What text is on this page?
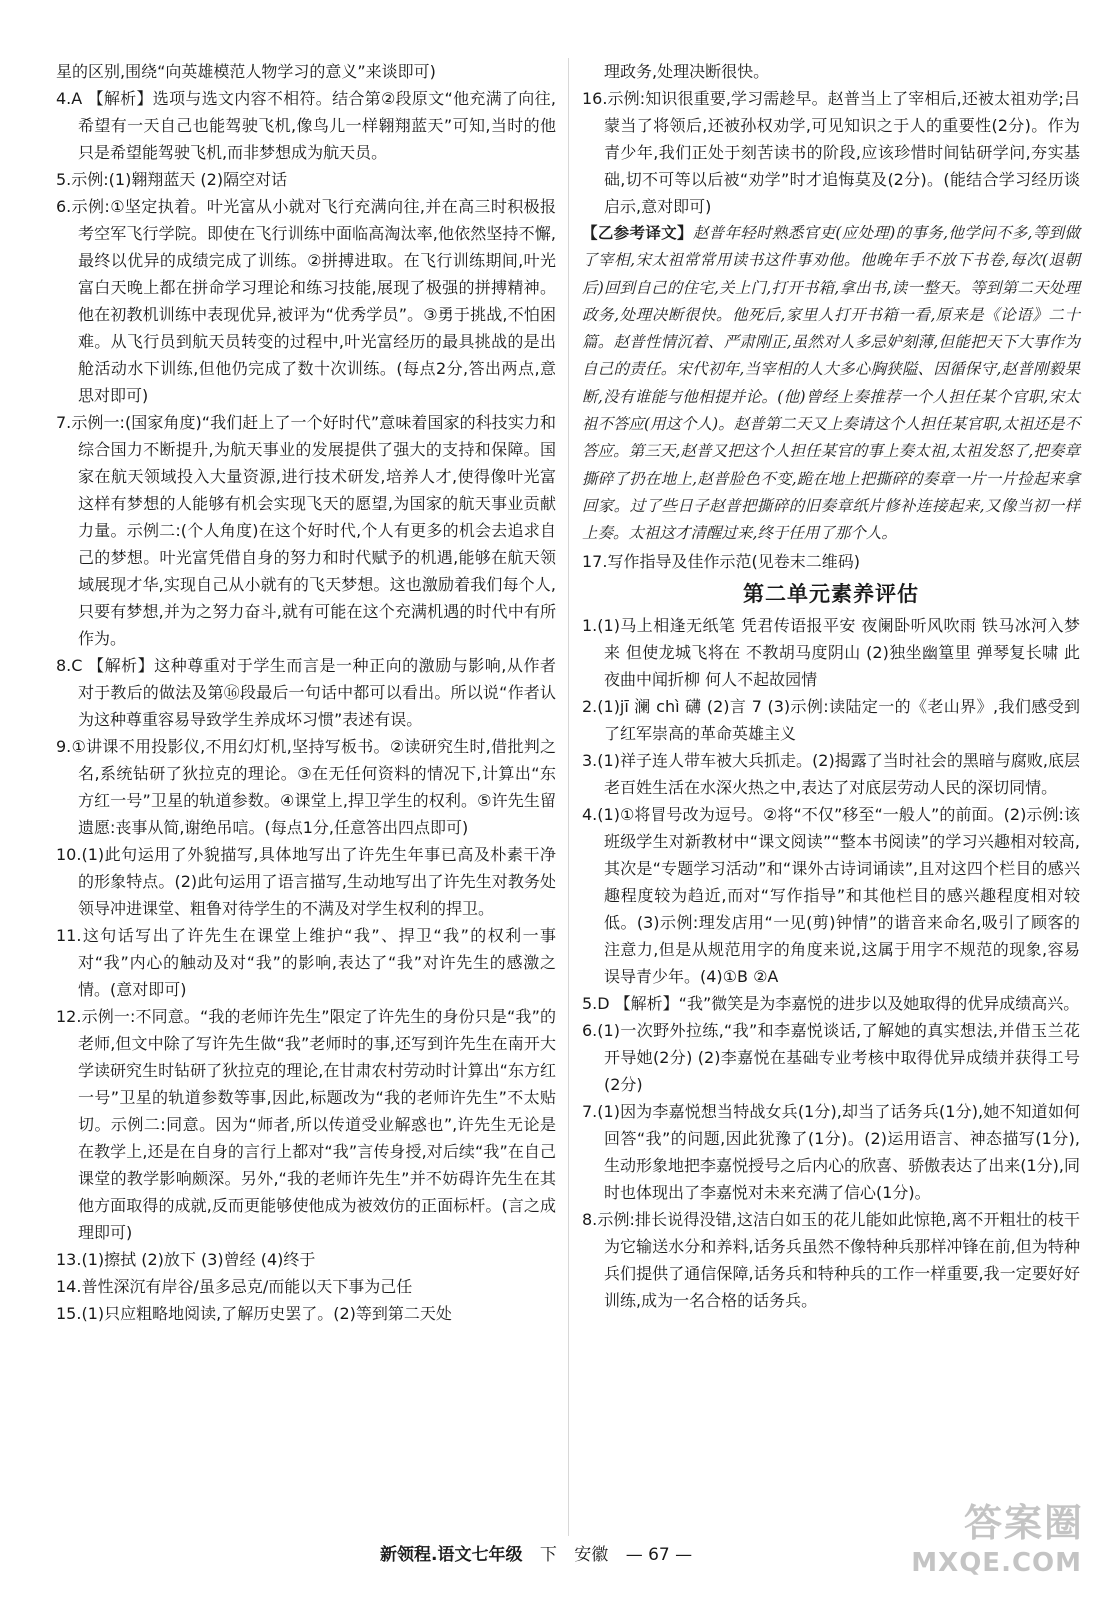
星的区别,围绕“向英雄模范人物学习的意义”来谈即可)

4.A 【解析】选项与选文内容不相符。结合第②段原文“他充满了向往,希望有一天自己也能驾驶飞机,像鸟儿一样翱翔蓝天”可知,当时的他只是希望能驾驶飞机,而非梦想成为航天员。

5.示例:(1)翱翔蓝天 (2)隔空对话

6.示例:①坚定执着。叶光富从小就对飞行充满向往,并在高三时积极报考空军飞行学院。即使在飞行训练中面临高淘汰率,他依然坚持不懈,最终以优异的成绩完成了训练。②拼搏进取。在飞行训练期间,叶光富白天晚上都在拼命学习理论和练习技能,展现了极强的拼搏精神。他在初教机训练中表现优异,被评为“优秀学员”。③勇于挑战,不怕困难。从飞行员到航天员转变的过程中,叶光富经历的最具挑战的是出舱活动水下训练,但他仍完成了数十次训练。(每点2分,答出两点,意思对即可)

7.示例一:(国家角度)“我们赶上了一个好时代”意味着国家的科技实力和综合国力不断提升,为航天事业的发展提供了强大的支持和保障。国家在航天领域投入大量资源,进行技术研发,培养人才,使得像叶光富这样有梦想的人能够有机会实现飞天的愿望,为国家的航天事业贡献力量。示例二:(个人角度)在这个好时代,个人有更多的机会去追求自己的梦想。叶光富凭借自身的努力和时代赋予的机遇,能够在航天领域展现才华,实现自己从小就有的飞天梦想。这也激励着我们每个人,只要有梦想,并为之努力奋斗,就有可能在这个充满机遇的时代中有所作为。

8.C 【解析】这种尊重对于学生而言是一种正向的激励与影响,从作者对于教后的做法及第⑯段最后一句话中都可以看出。所以说“作者认为这种尊重容易导致学生养成坏习惯”表述有误。

9.①讲课不用投影仪,不用幻灯机,坚持写板书。②读研究生时,借批判之名,系统钻研了狄拉克的理论。③在无任何资料的情况下,计算出“东方红一号”卫星的轨道参数。④课堂上,捍卫学生的权利。⑤许先生留遗愿:丧事从简,谢绝吊唁。(每点1分,任意答出四点即可)

10.(1)此句运用了外貌描写,具体地写出了许先生年事已高及朴素干净的形象特点。(2)此句运用了语言描写,生动地写出了许先生对教务处领导冲进课堂、粗鲁对待学生的不满及对学生权利的捍卫。

11.这句话写出了许先生在课堂上维护“我”、捍卫“我”的权利一事对“我”内心的触动及对“我”的影响,表达了“我”对许先生的感激之情。(意对即可)

12.示例一:不同意。“我的老师许先生”限定了许先生的身份只是“我”的老师,但文中除了写许先生做“我”老师时的事,还写到许先生在南开大学读研究生时钻研了狄拉克的理论,在甘肃农村劳动时计算出“东方红一号”卫星的轨道参数等事,因此,标题改为“我的老师许先生”不太贴切。示例二:同意。因为“师者,所以传道受业解惑也”,许先生无论是在教学上,还是在自身的言行上都对“我”言传身授,对后续“我”在自己课堂的教学影响颇深。另外,“我的老师许先生”并不妨碍许先生在其他方面取得的成就,反而更能够使他成为被效仿的正面标杆。(言之成理即可)

13.(1)擦拭 (2)放下 (3)曾经 (4)终于

14.普性深沉有岸谷/虽多忌克/而能以天下事为己任

15.(1)只应粗略地阅读,了解历史罢了。(2)等到第二天处

理政务,处理决断很快。

16.示例:知识很重要,学习需趁早。赵普当上了宰相后,还被太祖劝学;吕蒙当了将领后,还被孙权劝学,可见知识之于人的重要性(2分)。作为青少年,我们正处于刻苦读书的阶段,应该珍惜时间钻研学问,夯实基础,切不可等以后被“劝学”时才追悔莫及(2分)。(能结合学习经历谈启示,意对即可)

【乙参考译文】赵普年轻时熟悉官吏(应处理)的事务,他学问不多,等到做了宰相,宋太祖常常用读书这件事劝他。他晚年手不放下书卷,每次(退朝后)回到自己的住宅,关上门,打开书箱,拿出书,读一整天。等到第二天处理政务,处理决断很快。他死后,家里人打开书箱一看,原来是《论语》二十篇。赵普性情沉着、严肃刚正,虽然对人多忌妒刻薄,但能把天下大事作为自己的责任。宋代初年,当宰相的人大多心胸狭隘、因循保守,赵普刚毅果断,没有谁能与他相提并论。(他)曾经上奏推荐一个人担任某个官职,宋太祖不答应(用这个人)。赵普第二天又上奏请这个人担任某官职,太祖还是不答应。第三天,赵普又把这个人担任某官的事上奏太祖,太祖发怒了,把奏章撕碎了扔在地上,赵普脸色不变,跪在地上把撕碎的奏章一片一片捡起来拿回家。过了些日子赵普把撕碎的旧奏章纸片修补连接起来,又像当初一样上奏。太祖这才清醒过来,终于任用了那个人。

17.写作指导及佳作示范(见卷末二维码)

第二单元素养评估

1.(1)马上相逢无纸笔 凭君传语报平安 夜阑卧听风吹雨 铁马冰河入梦来 但使龙城飞将在 不教胡马度阴山 (2)独坐幽篁里 弹琴复长啸 此夜曲中闻折柳 何人不起故园情

2.(1)jī 澜 chì 礴 (2)言 7 (3)示例:读陆定一的《老山界》,我们感受到了红军崇高的革命英雄主义

3.(1)祥子连人带车被大兵抓走。(2)揭露了当时社会的黑暗与腐败,底层老百姓生活在水深火热之中,表达了对底层劳动人民的深切同情。

4.(1)①将冒号改为逗号。②将“不仅”移至“一般人”的前面。(2)示例:该班级学生对新教材中“课文阅读”“整本书阅读”的学习兴趣相对较高,其次是“专题学习活动”和“课外古诗词诵读”,且对这四个栏目的感兴趣程度较为趋近,而对“写作指导”和其他栏目的感兴趣程度相对较低。(3)示例:理发店用“一见(剪)钟情”的谐音来命名,吸引了顾客的注意力,但是从规范用字的角度来说,这属于用字不规范的现象,容易误导青少年。(4)①B ②A

5.D 【解析】“我”微笑是为李嘉悦的进步以及她取得的优异成绩高兴。

6.(1)一次野外拉练,“我”和李嘉悦谈话,了解她的真实想法,并借玉兰花开导她(2分) (2)李嘉悦在基础专业考核中取得优异成绩并获得工号(2分)

7.(1)因为李嘉悦想当特战女兵(1分),却当了话务兵(1分),她不知道如何回答“我”的问题,因此犹豫了(1分)。(2)运用语言、神态描写(1分),生动形象地把李嘉悦授号之后内心的欣喜、骄傲表达了出来(1分),同时也体现出了李嘉悦对未来充满了信心(1分)。

8.示例:排长说得没错,这洁白如玉的花儿能如此惊艳,离不开粗壮的枝干为它输送水分和养料,话务兵虽然不像特种兵那样冲锋在前,但为特种兵们提供了通信保障,话务兵和特种兵的工作一样重要,我一定要好好训练,成为一名合格的话务兵。

新领程.语文七年级 下 安徽 — 67 —
答案圈
MXQE.COM
